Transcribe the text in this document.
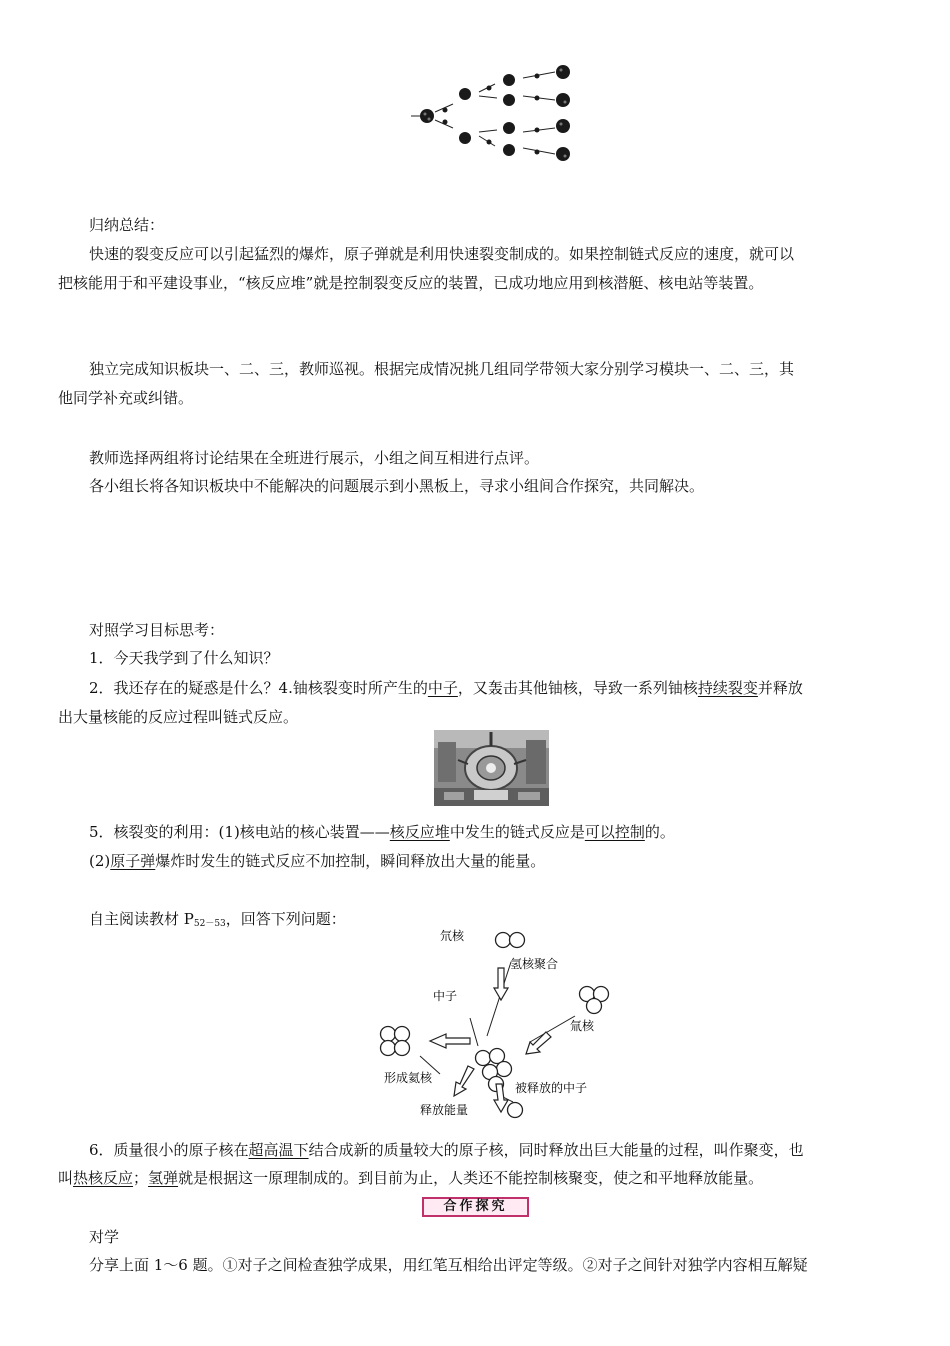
归纳总结：
快速的裂变反应可以引起猛烈的爆炸，原子弹就是利用快速裂变制成的。如果控制链式反应的速度，就可以
把核能用于和平建设事业，“核反应堆”就是控制裂变反应的装置，已成功地应用到核潜艇、核电站等装置。
独立完成知识板块一、二、三，教师巡视。根据完成情况挑几组同学带领大家分别学习模块一、二、三，其
他同学补充或纠错。
教师选择两组将讨论结果在全班进行展示，小组之间互相进行点评。
各小组长将各知识板块中不能解决的问题展示到小黑板上，寻求小组间合作探究，共同解决。
对照学习目标思考：
1．今天我学到了什么知识？
2．我还存在的疑惑是什么？4.铀核裂变时所产生的中子，又轰击其他铀核，导致一系列铀核持续裂变并释放
出大量核能的反应过程叫链式反应。
5．核裂变的利用：(1)核电站的核心装置——核反应堆中发生的链式反应是可以控制的。
(2)原子弹爆炸时发生的链式反应不加控制，瞬间释放出大量的能量。
自主阅读教材 $P_{52-53}$，回答下列问题：
氘核
氢核聚合
中子
氚核
形成氦核
被释放的中子
释放能量
6．质量很小的原子核在超高温下结合成新的质量较大的原子核，同时释放出巨大能量的过程，叫作聚变，也
叫热核反应；氢弹就是根据这一原理制成的。到目前为止，人类还不能控制核聚变，使之和平地释放能量。
合作探究
对学
分享上面 1～6 题。①对子之间检查独学成果，用红笔互相给出评定等级。②对子之间针对独学内容相互解疑
